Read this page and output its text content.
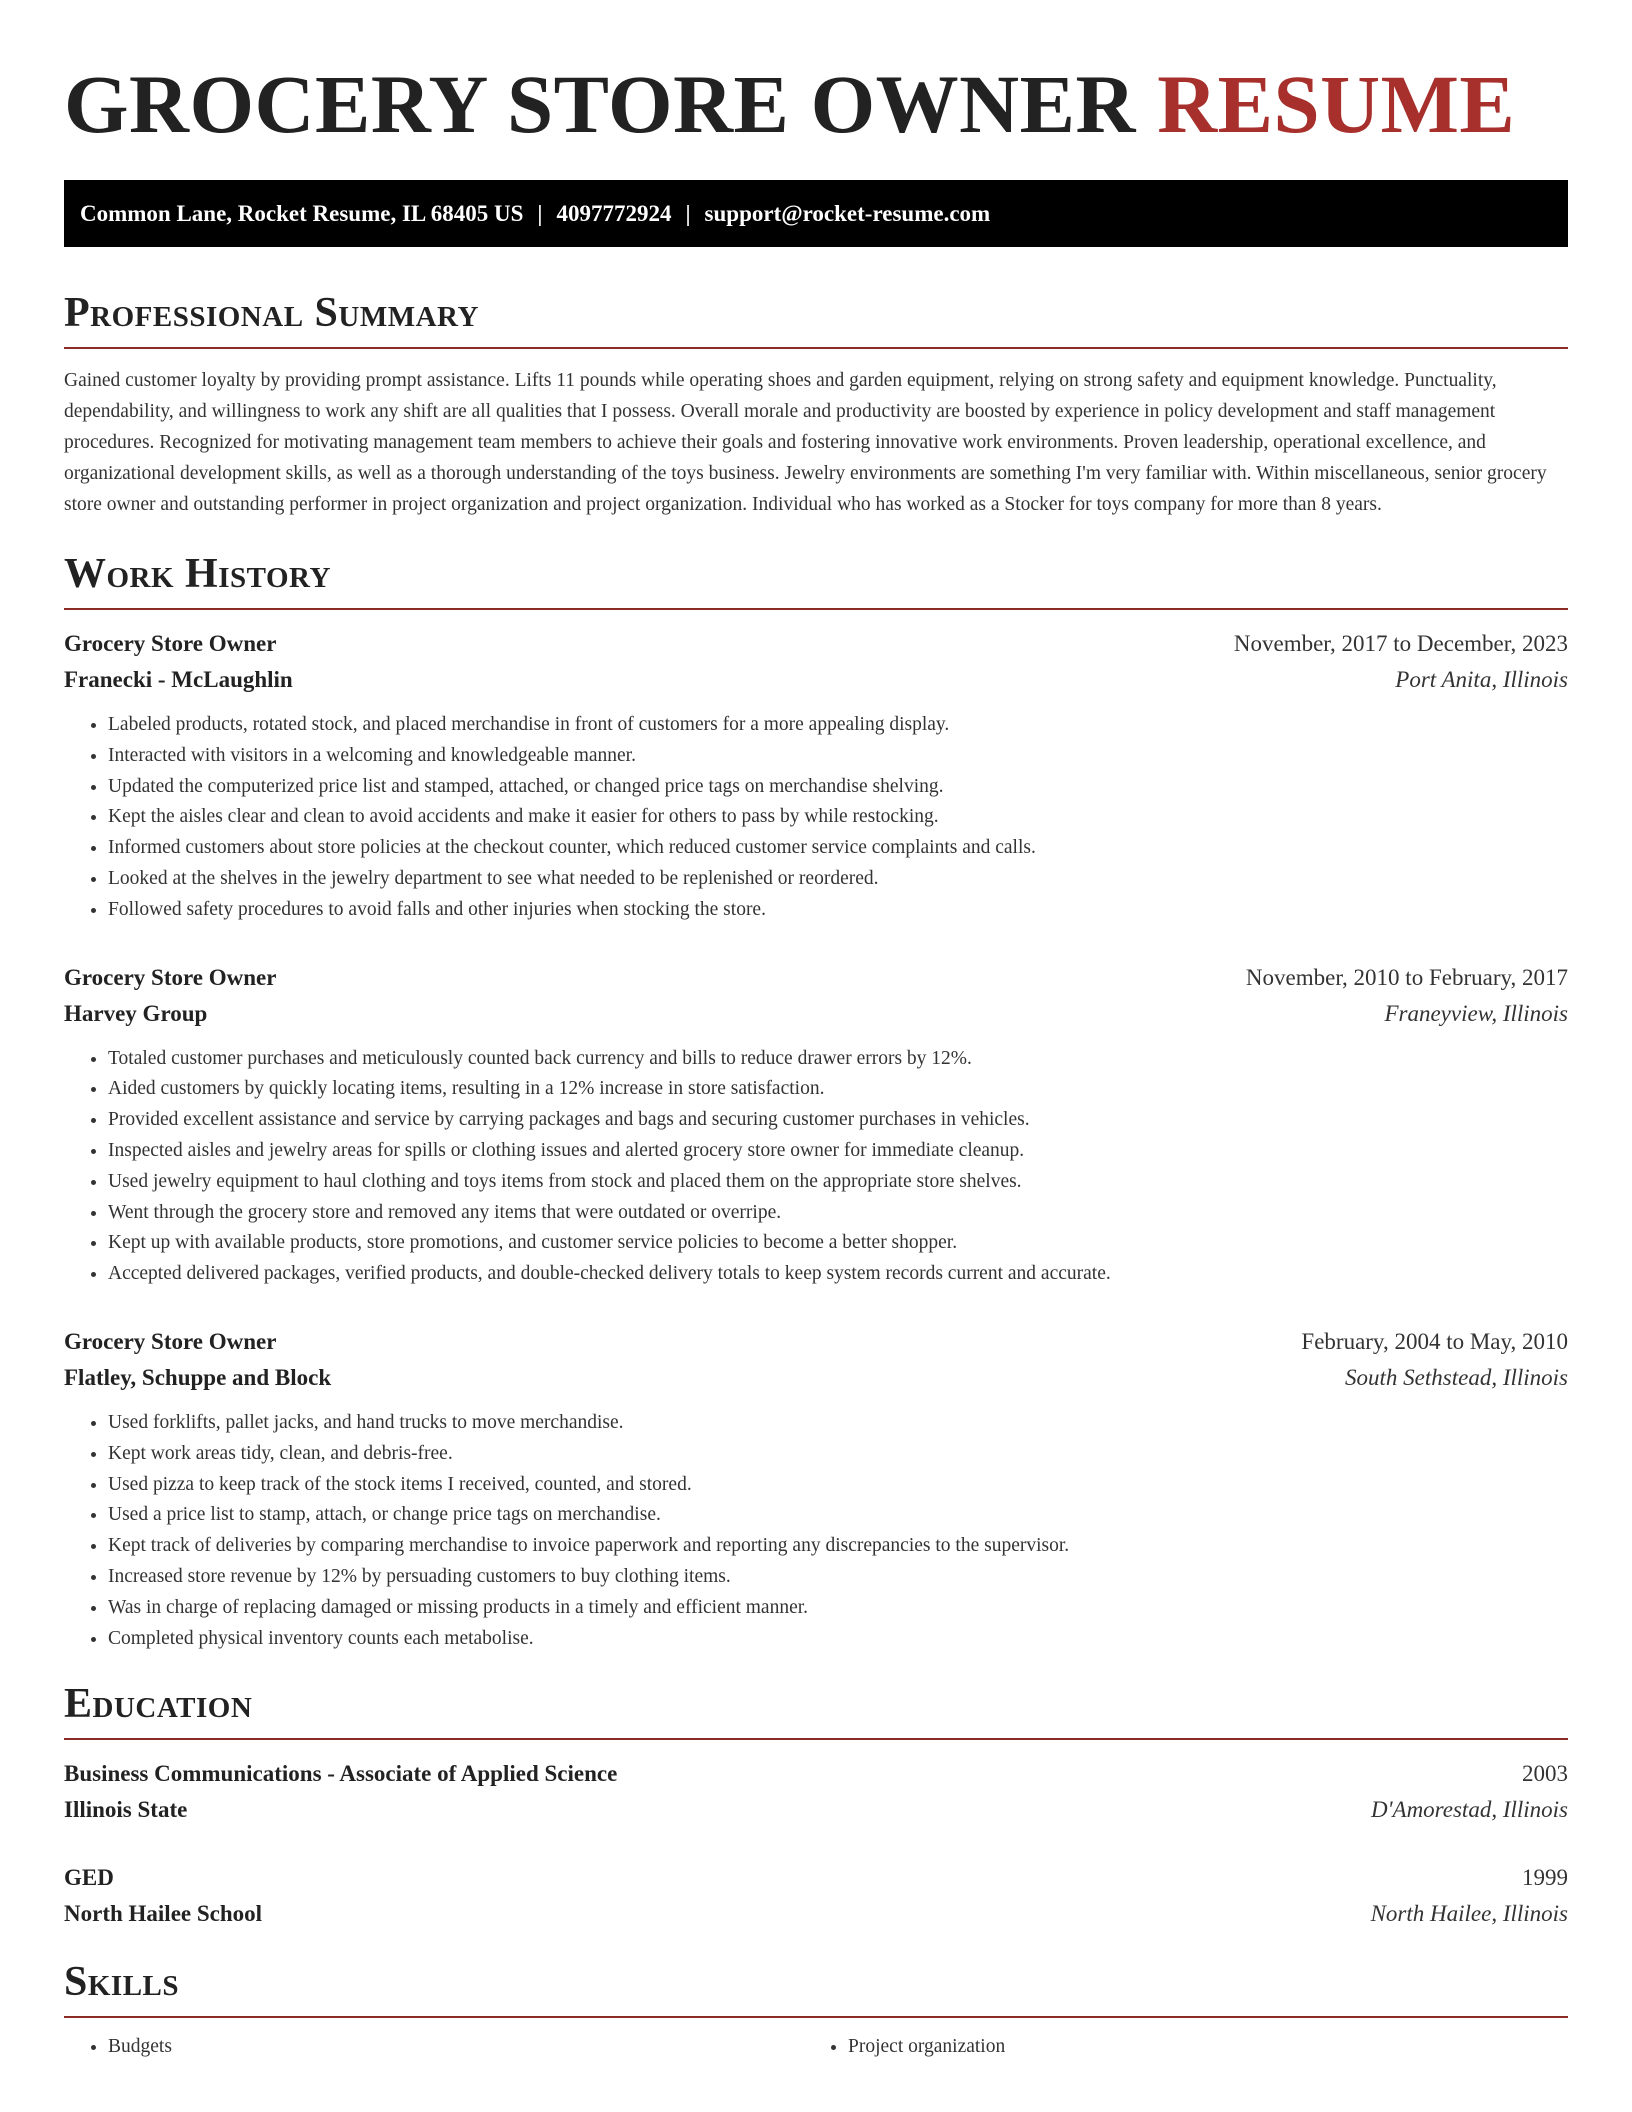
GROCERY STORE OWNER RESUME
Common Lane, Rocket Resume, IL 68405 US | 4097772924 | support@rocket-resume.com
Professional Summary

Gained customer loyalty by providing prompt assistance. Lifts 11 pounds while operating shoes and garden equipment, relying on strong safety and equipment knowledge. Punctuality, dependability, and willingness to work any shift are all qualities that I possess. Overall morale and productivity are boosted by experience in policy development and staff management procedures. Recognized for motivating management team members to achieve their goals and fostering innovative work environments. Proven leadership, operational excellence, and organizational development skills, as well as a thorough understanding of the toys business. Jewelry environments are something I'm very familiar with. Within miscellaneous, senior grocery store owner and outstanding performer in project organization and project organization. Individual who has worked as a Stocker for toys company for more than 8 years.

Work History
Grocery Store Owner	November, 2017 to December, 2023
Franecki - McLaughlin	Port Anita, Illinois
• Labeled products, rotated stock, and placed merchandise in front of customers for a more appealing display.
• Interacted with visitors in a welcoming and knowledgeable manner.
• Updated the computerized price list and stamped, attached, or changed price tags on merchandise shelving.
• Kept the aisles clear and clean to avoid accidents and make it easier for others to pass by while restocking.
• Informed customers about store policies at the checkout counter, which reduced customer service complaints and calls.
• Looked at the shelves in the jewelry department to see what needed to be replenished or reordered.
• Followed safety procedures to avoid falls and other injuries when stocking the store.
Grocery Store Owner	November, 2010 to February, 2017
Harvey Group	Franeyview, Illinois
• Totaled customer purchases and meticulously counted back currency and bills to reduce drawer errors by 12%.
• Aided customers by quickly locating items, resulting in a 12% increase in store satisfaction.
• Provided excellent assistance and service by carrying packages and bags and securing customer purchases in vehicles.
• Inspected aisles and jewelry areas for spills or clothing issues and alerted grocery store owner for immediate cleanup.
• Used jewelry equipment to haul clothing and toys items from stock and placed them on the appropriate store shelves.
• Went through the grocery store and removed any items that were outdated or overripe.
• Kept up with available products, store promotions, and customer service policies to become a better shopper.
• Accepted delivered packages, verified products, and double-checked delivery totals to keep system records current and accurate.
Grocery Store Owner	February, 2004 to May, 2010
Flatley, Schuppe and Block	South Sethstead, Illinois
• Used forklifts, pallet jacks, and hand trucks to move merchandise.
• Kept work areas tidy, clean, and debris-free.
• Used pizza to keep track of the stock items I received, counted, and stored.
• Used a price list to stamp, attach, or change price tags on merchandise.
• Kept track of deliveries by comparing merchandise to invoice paperwork and reporting any discrepancies to the supervisor.
• Increased store revenue by 12% by persuading customers to buy clothing items.
• Was in charge of replacing damaged or missing products in a timely and efficient manner.
• Completed physical inventory counts each metabolise.
Education
Business Communications - Associate of Applied Science	2003
Illinois State	D'Amorestad, Illinois
GED	1999
North Hailee School	North Hailee, Illinois
Skills
• Budgets
•	Project organization
